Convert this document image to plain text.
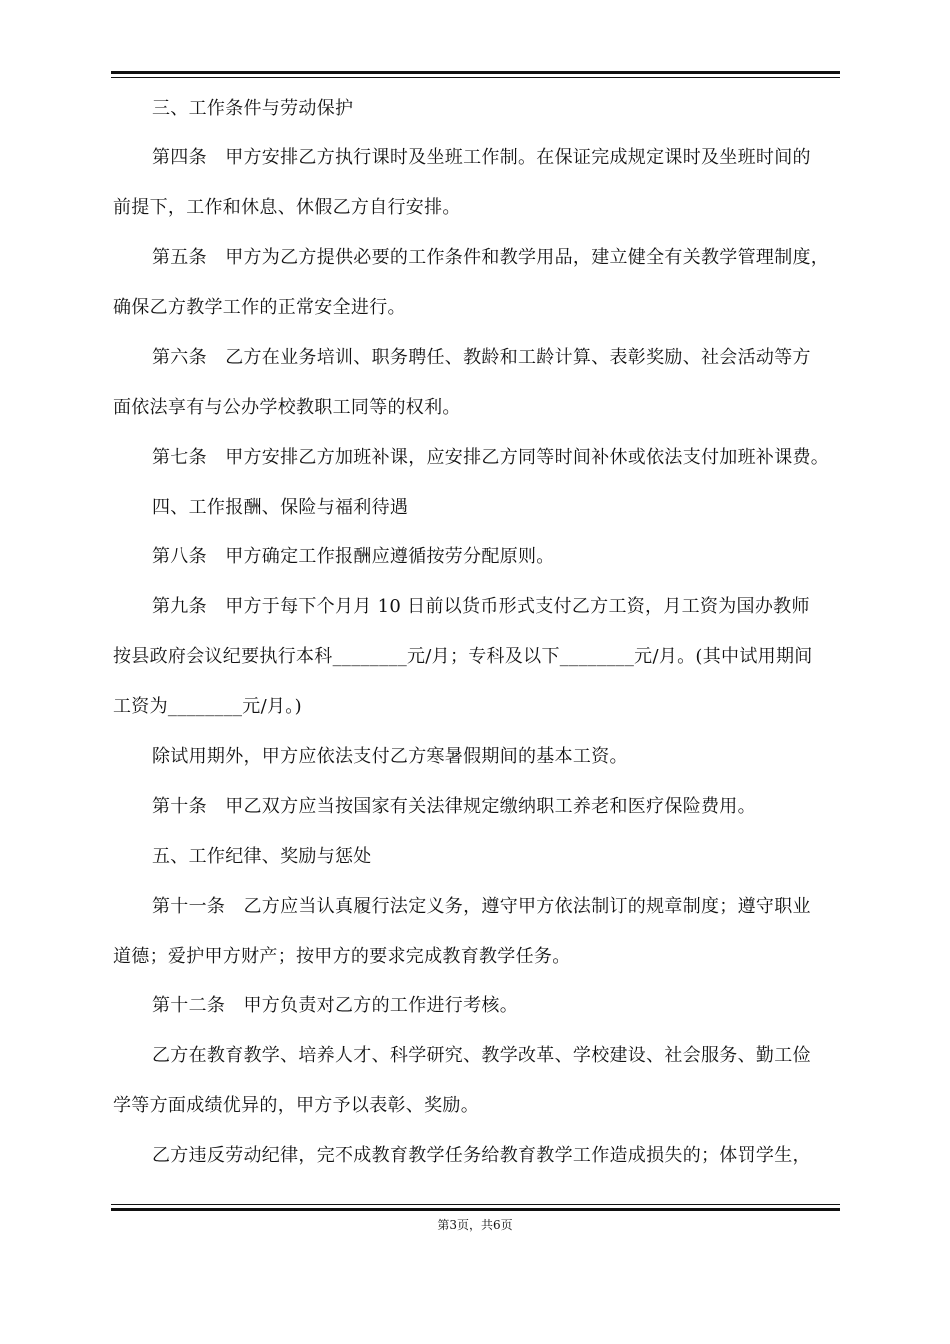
三、工作条件与劳动保护
第四条　甲方安排乙方执行课时及坐班工作制。在保证完成规定课时及坐班时间的
前提下，工作和休息、休假乙方自行安排。
第五条　甲方为乙方提供必要的工作条件和教学用品，建立健全有关教学管理制度，
确保乙方教学工作的正常安全进行。
第六条　乙方在业务培训、职务聘任、教龄和工龄计算、表彰奖励、社会活动等方
面依法享有与公办学校教职工同等的权利。
第七条　甲方安排乙方加班补课，应安排乙方同等时间补休或依法支付加班补课费。
四、工作报酬、保险与福利待遇
第八条　甲方确定工作报酬应遵循按劳分配原则。
第九条　甲方于每下个月月 10 日前以货币形式支付乙方工资，月工资为国办教师
按县政府会议纪要执行本科________元/月；专科及以下________元/月。(其中试用期间
工资为________元/月。)
除试用期外，甲方应依法支付乙方寒暑假期间的基本工资。
第十条　甲乙双方应当按国家有关法律规定缴纳职工养老和医疗保险费用。
五、工作纪律、奖励与惩处
第十一条　乙方应当认真履行法定义务，遵守甲方依法制订的规章制度；遵守职业
道德；爱护甲方财产；按甲方的要求完成教育教学任务。
第十二条　甲方负责对乙方的工作进行考核。
乙方在教育教学、培养人才、科学研究、教学改革、学校建设、社会服务、勤工俭
学等方面成绩优异的，甲方予以表彰、奖励。
乙方违反劳动纪律，完不成教育教学任务给教育教学工作造成损失的；体罚学生，
第3页，共6页
